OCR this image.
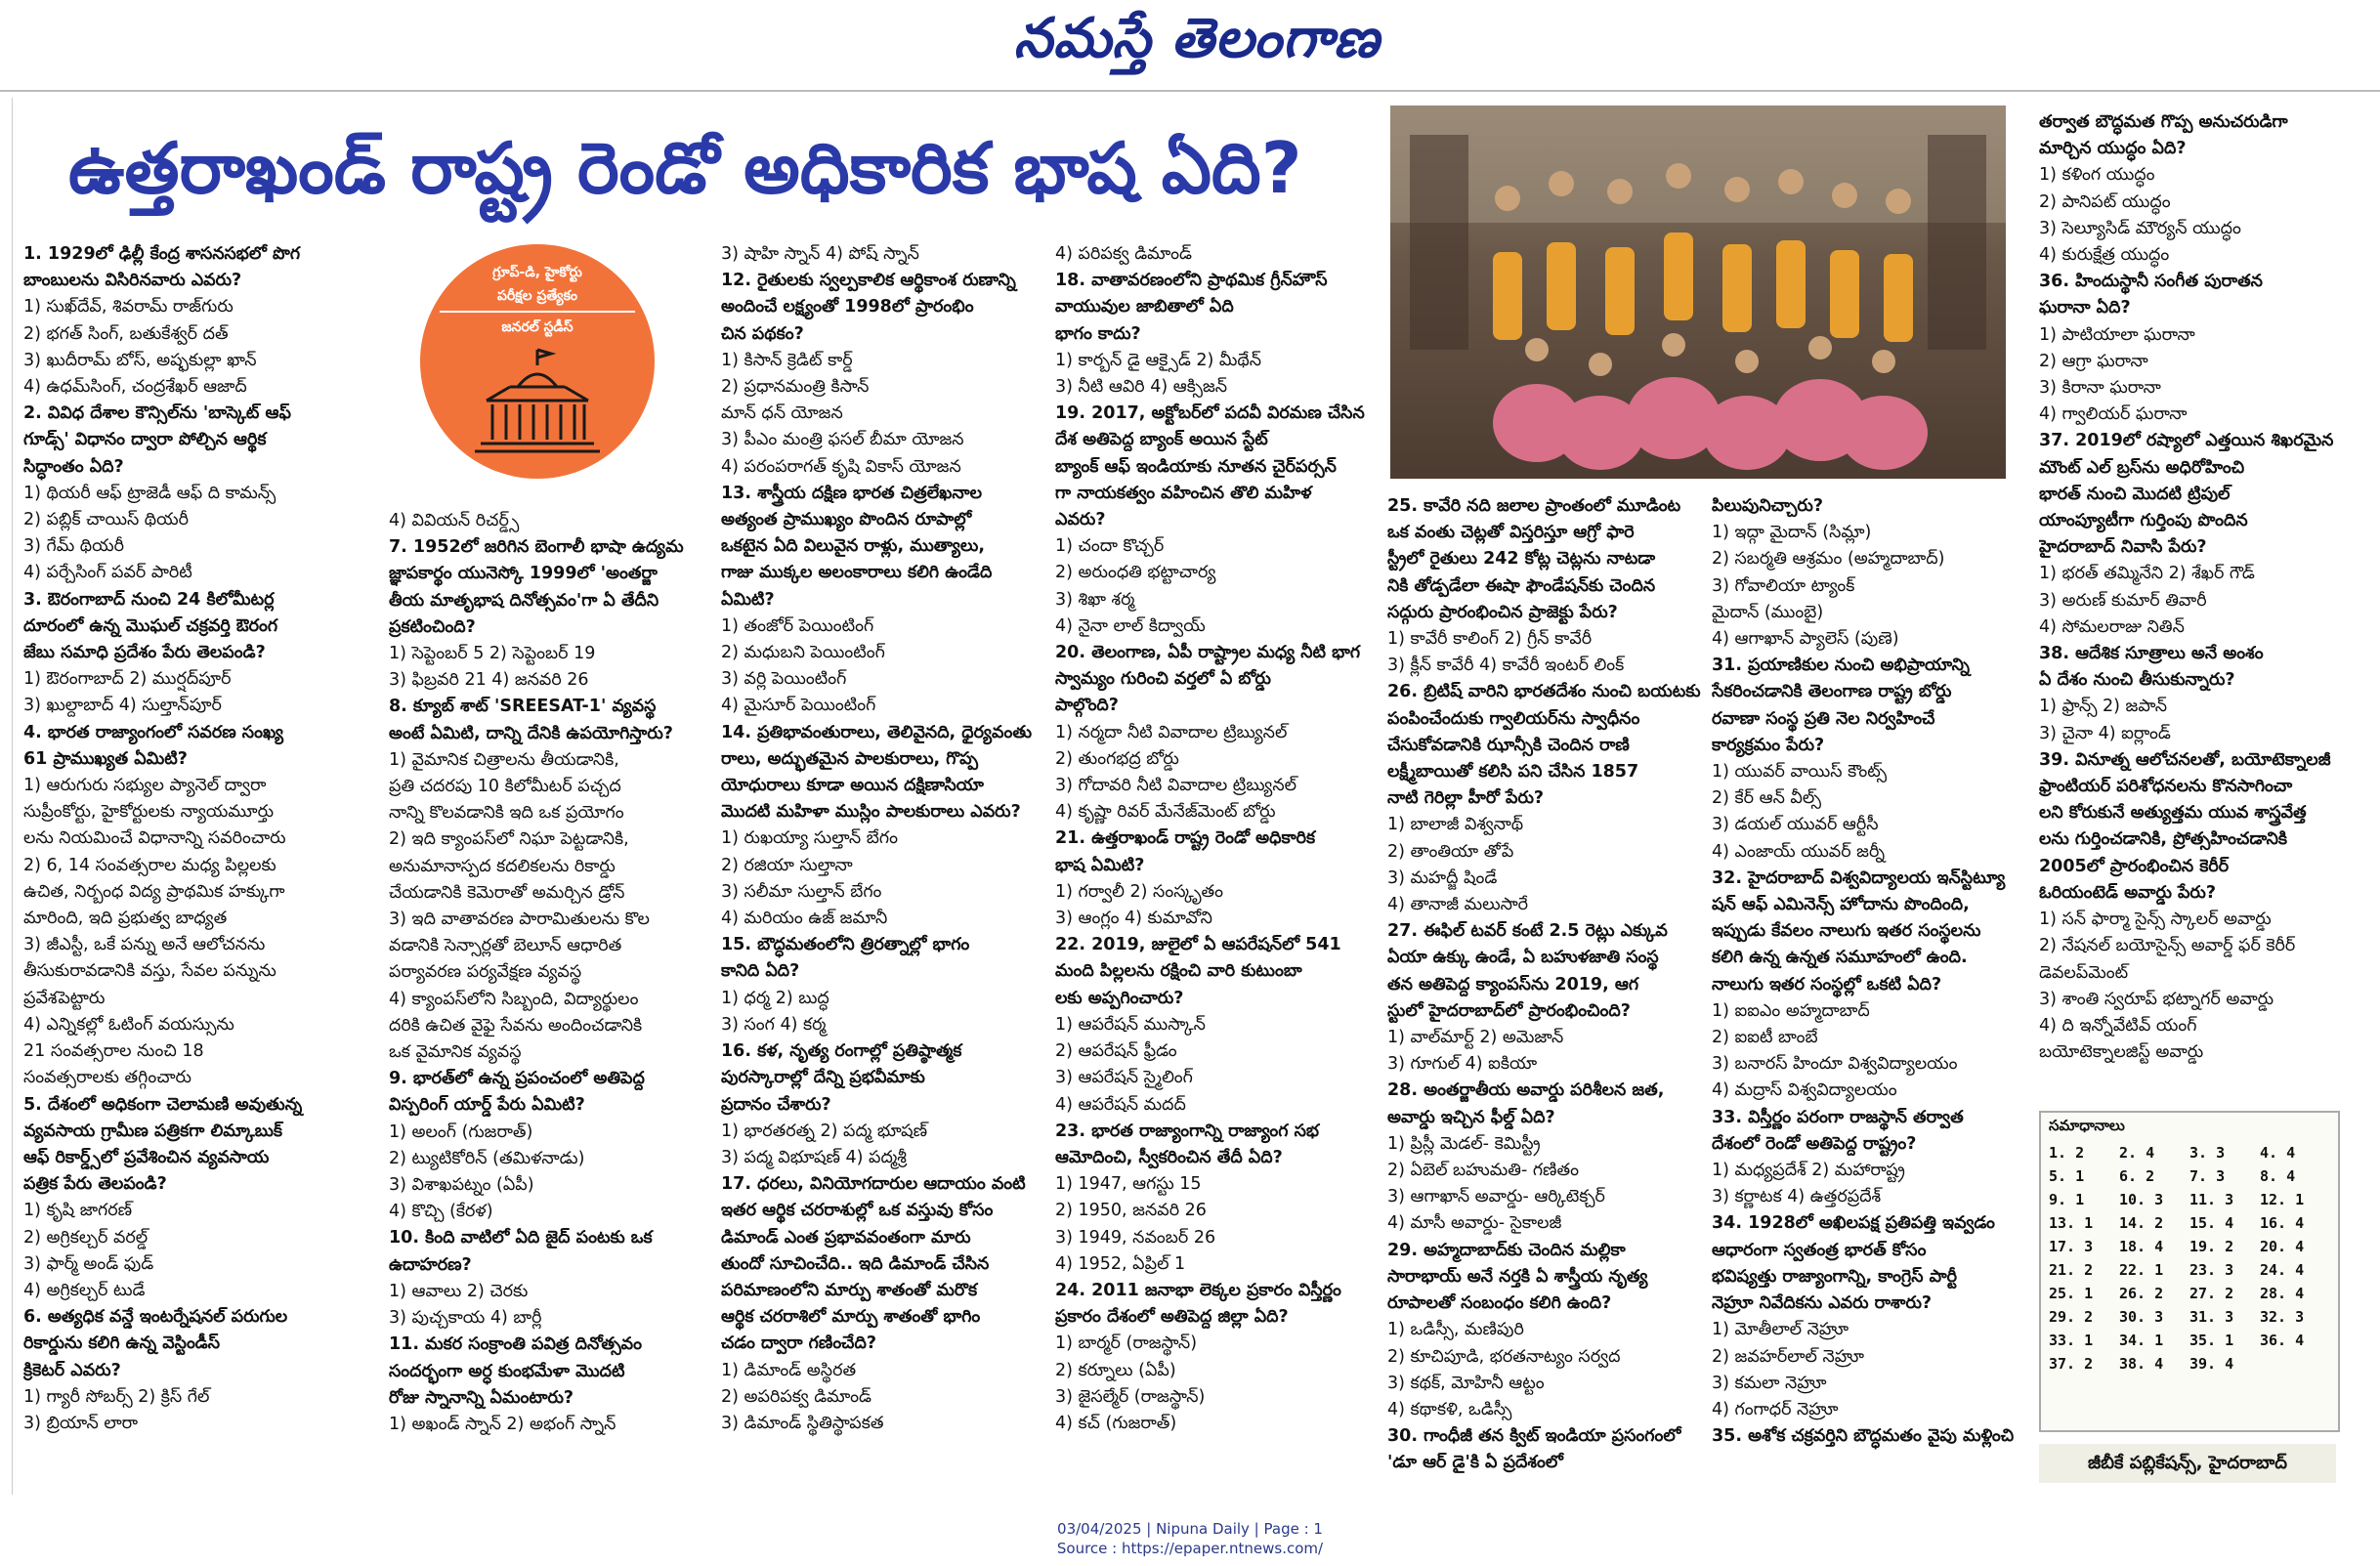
నమస్తే తెలంగాణ
ఉత్తరాఖండ్‌ రాష్ట్ర రెండో అధికారిక భాష ఏది?
గ్రూప్‌-డి, హైకోర్టు
పరీక్షల ప్రత్యేకం
జనరల్‌ స్టడీస్‌
1. 1929లో ఢిల్లీ కేంద్ర శాసనసభలో పొగ
బాంబులను విసిరినవారు ఎవరు?
1) సుఖ్‌దేవ్‌, శివరామ్‌ రాజ్‌గురు
2) భగత్‌ సింగ్‌, బతుకేశ్వర్‌ దత్‌
3) ఖుదీరామ్‌ బోస్‌, అష్ఫకుల్లా ఖాన్‌
4) ఉధమ్‌సింగ్‌, చంద్రశేఖర్‌ ఆజాద్‌
2. వివిధ దేశాల కౌన్సిల్‌ను 'బాస్కెట్‌ ఆఫ్‌
గూడ్స్‌' విధానం ద్వారా పోల్చిన ఆర్థిక
సిద్ధాంతం ఏది?
1) థియరీ ఆఫ్‌ ట్రాజెడీ ఆఫ్‌ ది కామన్స్‌
2) పబ్లిక్‌ చాయిస్‌ థియరీ
3) గేమ్‌ థియరీ
4) పర్చేసింగ్‌ పవర్‌ పారిటీ
3. ఔరంగాబాద్‌ నుంచి 24 కిలోమీటర్ల
దూరంలో ఉన్న మొఘల్‌ చక్రవర్తి ఔరంగ
జేబు సమాధి ప్రదేశం పేరు తెలపండి?
1) ఔరంగాబాద్‌ 2) ముర్షద్‌పూర్‌
3) ఖుల్దాబాద్‌ 4) సుల్తాన్‌పూర్‌
4. భారత రాజ్యాంగంలో సవరణ సంఖ్య
61 ప్రాముఖ్యత ఏమిటి?
1) ఆరుగురు సభ్యుల ప్యానెల్‌ ద్వారా
సుప్రీంకోర్టు, హైకోర్టులకు న్యాయమూర్తు
లను నియమించే విధానాన్ని సవరించారు
2) 6, 14 సంవత్సరాల మధ్య పిల్లలకు
ఉచిత, నిర్బంధ విద్య ప్రాథమిక హక్కుగా
మారింది, ఇది ప్రభుత్వ బాధ్యత
3) జీఎస్టీ, ఒకే పన్ను అనే ఆలోచనను
తీసుకురావడానికి వస్తు, సేవల పన్నును
ప్రవేశపెట్టారు
4) ఎన్నికల్లో ఓటింగ్‌ వయస్సును
21 సంవత్సరాల నుంచి 18
సంవత్సరాలకు తగ్గించారు
5. దేశంలో అధికంగా చెలామణి అవుతున్న
వ్యవసాయ గ్రామీణ పత్రికగా లిమ్కాబుక్‌
ఆఫ్‌ రికార్డ్స్‌లో ప్రవేశించిన వ్యవసాయ
పత్రిక పేరు తెలపండి?
1) కృషి జాగరణ్‌
2) అగ్రికల్చర్‌ వరల్డ్‌
3) ఫార్మ్‌ అండ్‌ ఫుడ్‌
4) అగ్రికల్చర్‌ టుడే
6. అత్యధిక వన్డే ఇంటర్నేషనల్‌ పరుగుల
రికార్డును కలిగి ఉన్న వెస్టిండీస్‌
క్రికెటర్‌ ఎవరు?
1) గ్యారీ సోబర్స్‌ 2) క్రిస్‌ గేల్‌
3) బ్రియాన్‌ లారా
4) వివియన్‌ రిచర్డ్స్‌
7. 1952లో జరిగిన బెంగాలీ భాషా ఉద్యమ
జ్ఞాపకార్థం యునెస్కో 1999లో 'అంతర్జా
తీయ మాతృభాష దినోత్సవం'గా ఏ తేదీని
ప్రకటించింది?
1) సెప్టెంబర్‌ 5 2) సెప్టెంబర్‌ 19
3) ఫిబ్రవరి 21 4) జనవరి 26
8. క్యూబ్‌ శాట్‌ 'SREESAT-1' వ్యవస్థ
అంటే ఏమిటి, దాన్ని దేనికి ఉపయోగిస్తారు?
1) వైమానిక చిత్రాలను తీయడానికి,
ప్రతి చదరపు 10 కిలోమీటర్‌ పచ్చద
నాన్ని కొలవడానికి ఇది ఒక ప్రయోగం
2) ఇది క్యాంపస్‌లో నిఘా పెట్టడానికి,
అనుమానాస్పద కదలికలను రికార్డు
చేయడానికి కెమెరాతో అమర్చిన డ్రోన్‌
3) ఇది వాతావరణ పారామితులను కొల
వడానికి సెన్సార్లతో బెలూన్‌ ఆధారిత
పర్యావరణ పర్యవేక్షణ వ్యవస్థ
4) క్యాంపస్‌లోని సిబ్బంది, విద్యార్థులం
దరికి ఉచిత వైఫై సేవను అందించడానికి
ఒక వైమానిక వ్యవస్థ
9. భారత్‌లో ఉన్న ప్రపంచంలో అతిపెద్ద
విస్పరింగ్‌ యార్డ్‌ పేరు ఏమిటి?
1) అలంగ్‌ (గుజరాత్‌)
2) ట్యుటికోరిన్‌ (తమిళనాడు)
3) విశాఖపట్నం (ఏపీ)
4) కొచ్చి (కేరళ)
10. కింది వాటిలో ఏది జైద్‌ పంటకు ఒక
ఉదాహరణ?
1) ఆవాలు 2) చెరకు
3) పుచ్చకాయ 4) బార్లీ
11. మకర సంక్రాంతి పవిత్ర దినోత్సవం
సందర్భంగా అర్ధ కుంభమేళా మొదటి
రోజు స్నానాన్ని ఏమంటారు?
1) అఖండ్‌ స్నాన్‌ 2) అభంగ్‌ స్నాన్‌
3) షాహి స్నాన్‌ 4) పోష్‌ స్నాన్‌
12. రైతులకు స్వల్పకాలిక ఆర్థికాంశ రుణాన్ని
అందించే లక్ష్యంతో 1998లో ప్రారంభిం
చిన పథకం?
1) కిసాన్‌ క్రెడిట్‌ కార్డ్‌
2) ప్రధానమంత్రి కిసాన్‌
మాన్‌ ధన్‌ యోజన
3) పీఎం మంత్రి ఫసల్‌ బీమా యోజన
4) పరంపరాగత్‌ కృషి వికాస్‌ యోజన
13. శాస్త్రీయ దక్షిణ భారత చిత్రలేఖనాల
అత్యంత ప్రాముఖ్యం పొందిన రూపాల్లో
ఒకటైన ఏది విలువైన రాళ్లు, ముత్యాలు,
గాజు ముక్కల అలంకారాలు కలిగి ఉండేది
ఏమిటి?
1) తంజోర్‌ పెయింటింగ్‌
2) మధుబని పెయింటింగ్‌
3) వర్లి పెయింటింగ్‌
4) మైసూర్‌ పెయింటింగ్‌
14. ప్రతిభావంతురాలు, తెలివైనది, ధైర్యవంతు
రాలు, అద్భుతమైన పాలకురాలు, గొప్ప
యోధురాలు కూడా అయిన దక్షిణాసియా
మొదటి మహిళా ముస్లిం పాలకురాలు ఎవరు?
1) రుఖయ్యా సుల్తాన్‌ బేగం
2) రజియా సుల్తానా
3) సలీమా సుల్తాన్‌ బేగం
4) మరియం ఉజ్‌ జమానీ
15. బౌద్ధమతంలోని త్రిరత్నాల్లో భాగం
కానిది ఏది?
1) ధర్మ 2) బుద్ధ
3) సంగ 4) కర్మ
16. కళ, నృత్య రంగాల్లో ప్రతిష్ఠాత్మక
పురస్కారాల్లో దేన్ని ప్రభవీమాకు
ప్రదానం చేశారు?
1) భారతరత్న 2) పద్మ భూషణ్‌
3) పద్మ విభూషణ్‌ 4) పద్మశ్రీ
17. ధరలు, వినియోగదారుల ఆదాయం వంటి
ఇతర ఆర్థిక చరరాశుల్లో ఒక వస్తువు కోసం
డిమాండ్‌ ఎంత ప్రభావవంతంగా మారు
తుందో సూచించేది.. ఇది డిమాండ్‌ చేసిన
పరిమాణంలోని మార్పు శాతంతో మరొక
ఆర్థిక చరరాశిలో మార్పు శాతంతో భాగిం
చడం ద్వారా గణించేది?
1) డిమాండ్‌ అస్థిరత
2) అపరిపక్వ డిమాండ్‌
3) డిమాండ్‌ స్థితిస్థాపకత
4) పరిపక్వ డిమాండ్‌
18. వాతావరణంలోని ప్రాథమిక గ్రీన్‌హౌస్‌
వాయువుల జాబితాలో ఏది
భాగం కాదు?
1) కార్బన్‌ డై ఆక్సైడ్‌ 2) మీథేన్‌
3) నీటి ఆవిరి 4) ఆక్సిజన్‌
19. 2017, అక్టోబర్‌లో పదవీ విరమణ చేసిన
దేశ అతిపెద్ద బ్యాంక్‌ అయిన స్టేట్‌
బ్యాంక్‌ ఆఫ్‌ ఇండియాకు నూతన చైర్‌పర్సన్‌
గా నాయకత్వం వహించిన తొలి మహిళ
ఎవరు?
1) చందా కొచ్చర్‌
2) అరుంధతి భట్టాచార్య
3) శిఖా శర్మ
4) నైనా లాల్‌ కిద్వాయ్‌
20. తెలంగాణ, ఏపీ రాష్ట్రాల మధ్య నీటి భాగ
స్వామ్యం గురించి వర్తలో ఏ బోర్డు
పాల్గొంది?
1) నర్మదా నీటి వివాదాల ట్రిబ్యునల్‌
2) తుంగభద్ర బోర్డు
3) గోదావరి నీటి వివాదాల ట్రిబ్యునల్‌
4) కృష్ణా రివర్‌ మేనేజ్‌మెంట్‌ బోర్డు
21. ఉత్తరాఖండ్‌ రాష్ట్ర రెండో అధికారిక
భాష ఏమిటి?
1) గర్వాలీ 2) సంస్కృతం
3) ఆంగ్లం 4) కుమావోని
22. 2019, జులైలో ఏ ఆపరేషన్‌లో 541
మంది పిల్లలను రక్షించి వారి కుటుంబా
లకు అప్పగించారు?
1) ఆపరేషన్‌ ముస్కాన్‌
2) ఆపరేషన్‌ ఫ్రీడం
3) ఆపరేషన్‌ స్మైలింగ్‌
4) ఆపరేషన్‌ మదద్‌
23. భారత రాజ్యాంగాన్ని రాజ్యాంగ సభ
ఆమోదించి, స్వీకరించిన తేదీ ఏది?
1) 1947, ఆగస్టు 15
2) 1950, జనవరి 26
3) 1949, నవంబర్‌ 26
4) 1952, ఏప్రిల్‌ 1
24. 2011 జనాభా లెక్కల ప్రకారం విస్తీర్ణం
ప్రకారం దేశంలో అతిపెద్ద జిల్లా ఏది?
1) బార్మర్‌ (రాజస్థాన్‌)
2) కర్నూలు (ఏపీ)
3) జైసల్మేర్‌ (రాజస్థాన్‌)
4) కచ్‌ (గుజరాత్‌)
25. కావేరి నది జలాల ప్రాంతంలో మూడింట
ఒక వంతు చెట్లతో విస్తరిస్తూ ఆగ్రో ఫారె
స్ట్రీలో రైతులు 242 కోట్ల చెట్లను నాటడా
నికి తోడ్పడేలా ఈషా ఫౌండేషన్‌కు చెందిన
సద్గురు ప్రారంభించిన ప్రాజెక్టు పేరు?
1) కావేరీ కాలింగ్‌ 2) గ్రీన్‌ కావేరీ
3) క్లీన్‌ కావేరీ 4) కావేరీ ఇంటర్‌ లింక్‌
26. బ్రిటిష్‌ వారిని భారతదేశం నుంచి బయటకు
పంపించేందుకు గ్వాలియర్‌ను స్వాధీనం
చేసుకోవడానికి ఝాన్సీకి చెందిన రాణి
లక్ష్మీబాయితో కలిసి పని చేసిన 1857
నాటి గెరిల్లా హీరో పేరు?
1) బాలాజీ విశ్వనాథ్‌
2) తాంతియా తోపే
3) మహద్జీ షిండే
4) తానాజీ మలుసారే
27. ఈఫిల్‌ టవర్‌ కంటే 2.5 రెట్లు ఎక్కువ
ఏయా ఉక్కు ఉండే, ఏ బహుళజాతి సంస్థ
తన అతిపెద్ద క్యాంపస్‌ను 2019, ఆగ
స్టులో హైదరాబాద్‌లో ప్రారంభించింది?
1) వాల్‌మార్ట్‌ 2) అమెజాన్‌
3) గూగుల్‌ 4) ఐకియా
28. అంతర్జాతీయ అవార్డు పరిశీలన జత,
అవార్డు ఇచ్చిన ఫీల్డ్‌ ఏది?
1) ప్రిస్లీ మెడల్‌- కెమిస్ట్రీ
2) ఏబెల్‌ బహుమతి- గణితం
3) ఆగాఖాన్‌ అవార్డు- ఆర్కిటెక్చర్‌
4) మాసీ అవార్డు- సైకాలజీ
29. అహ్మదాబాద్‌కు చెందిన మల్లికా
సారాభాయ్‌ అనే నర్తకి ఏ శాస్త్రీయ నృత్య
రూపాలతో సంబంధం కలిగి ఉంది?
1) ఒడిస్సీ, మణిపురి
2) కూచిపూడి, భరతనాట్యం సర్వద
3) కథక్‌, మోహినీ ఆట్టం
4) కథాకళి, ఒడిస్సీ
30. గాంధీజీ తన క్విట్‌ ఇండియా ప్రసంగంలో
'డూ ఆర్‌ డై'కి ఏ ప్రదేశంలో
పిలుపునిచ్చారు?
1) ఇద్గా మైదాన్‌ (సిమ్లా)
2) సబర్మతి ఆశ్రమం (అహ్మదాబాద్‌)
3) గోవాలియా ట్యాంక్‌
మైదాన్‌ (ముంబై)
4) ఆగాఖాన్‌ ప్యాలెస్‌ (పుణె)
31. ప్రయాణికుల నుంచి అభిప్రాయాన్ని
సేకరించడానికి తెలంగాణ రాష్ట్ర బోర్డు
రవాణా సంస్థ ప్రతి నెల నిర్వహించే
కార్యక్రమం పేరు?
1) యువర్‌ వాయిస్‌ కౌంట్స్‌
2) కేర్‌ ఆన్‌ వీల్స్‌
3) డయల్‌ యువర్‌ ఆర్టీసీ
4) ఎంజాయ్‌ యువర్‌ జర్నీ
32. హైదరాబాద్‌ విశ్వవిద్యాలయ ఇన్‌స్టిట్యూ
ష‌న్‌ ఆఫ్‌ ఎమినెన్స్‌ హోదాను పొందింది,
ఇప్పుడు కేవలం నాలుగు ఇతర సంస్థలను
కలిగి ఉన్న ఉన్నత సమూహంలో ఉంది.
నాలుగు ఇతర సంస్థల్లో ఒకటి ఏది?
1) ఐఐఎం అహ్మదాబాద్‌
2) ఐఐటీ బాంబే
3) బనారస్‌ హిందూ విశ్వవిద్యాలయం
4) మద్రాస్‌ విశ్వవిద్యాలయం
33. విస్తీర్ణం పరంగా రాజస్థాన్‌ తర్వాత
దేశంలో రెండో అతిపెద్ద రాష్ట్రం?
1) మధ్యప్రదేశ్‌ 2) మహారాష్ట్ర
3) కర్ణాటక 4) ఉత్తరప్రదేశ్‌
34. 1928లో అఖిలపక్ష ప్రతిపత్తి ఇవ్వడం
ఆధారంగా స్వతంత్ర భారత్‌ కోసం
భవిష్యత్తు రాజ్యాంగాన్ని, కాంగ్రెస్‌ పార్టీ
నెహ్రూ నివేదికను ఎవరు రాశారు?
1) మోతీలాల్‌ నెహ్రూ
2) జవహర్‌లాల్‌ నెహ్రూ
3) కమలా నెహ్రూ
4) గంగాధర్‌ నెహ్రూ
35. అశోక చక్రవర్తిని బౌద్ధమతం వైపు మళ్లించి
తర్వాత బౌద్ధమత గొప్ప అనుచరుడిగా
మార్చిన యుద్ధం ఏది?
1) కళింగ యుద్ధం
2) పానిపట్‌ యుద్ధం
3) సెల్యూసిడ్‌ మౌర్యన్‌ యుద్ధం
4) కురుక్షేత్ర యుద్ధం
36. హిందుస్థానీ సంగీత పురాతన
ఘరానా ఏది?
1) పాటియాలా ఘరానా
2) ఆగ్రా ఘరానా
3) కిరానా ఘరానా
4) గ్వాలియర్‌ ఘరానా
37. 2019లో రష్యాలో ఎత్తయిన శిఖరమైన
మౌంట్‌ ఎల్‌ బ్రస్‌ను అధిరోహించి
భారత్‌ నుంచి మొదటి ట్రిపుల్‌
యాంప్యూటీగా గుర్తింపు పొందిన
హైదరాబాద్‌ నివాసి పేరు?
1) భరత్‌ తమ్మినేని 2) శేఖర్‌ గౌడ్‌
3) అరుణ్‌ కుమార్‌ తివారీ
4) సోమలరాజు నితిన్‌
38. ఆదేశిక సూత్రాలు అనే అంశం
ఏ దేశం నుంచి తీసుకున్నారు?
1) ఫ్రాన్స్‌ 2) జపాన్‌
3) చైనా 4) ఐర్లాండ్‌
39. వినూత్న ఆలోచనలతో, బయోటెక్నాలజీ
ఫ్రాంటియర్‌ పరిశోధనలను కొనసాగించా
లని కోరుకునే అత్యుత్తమ యువ శాస్త్రవేత్త
లను గుర్తించడానికి, ప్రోత్సహించడానికి
2005లో ప్రారంభించిన కెరీర్‌
ఓరియంటెడ్‌ అవార్డు పేరు?
1) సన్‌ ఫార్మా సైన్స్‌ స్కాలర్‌ అవార్డు
2) నేషనల్‌ బయోసైన్స్‌ అవార్డ్‌ ఫర్‌ కెరీర్‌
డెవలప్‌మెంట్‌
3) శాంతి స్వరూప్‌ భట్నాగర్‌ అవార్డు
4) ది ఇన్నోవేటివ్‌ యంగ్‌
బయోటెక్నాలజిస్ట్‌ అవార్డు
సమాధానాలు
1. 2	2. 4	3. 3	4. 4
5. 1	6. 2	7. 3	8. 4
9. 1	10. 3	11. 3	12. 1
13. 1	14. 2	15. 4	16. 4
17. 3	18. 4	19. 2	20. 4
21. 2	22. 1	23. 3	24. 4
25. 1	26. 2	27. 2	28. 4
29. 2	30. 3	31. 3	32. 3
33. 1	34. 1	35. 1	36. 4
37. 2	38. 4	39. 4
జీబీకే పబ్లికేషన్స్‌, హైదరాబాద్‌
03/04/2025 | Nipuna Daily | Page : 1
Source : https://epaper.ntnews.com/
